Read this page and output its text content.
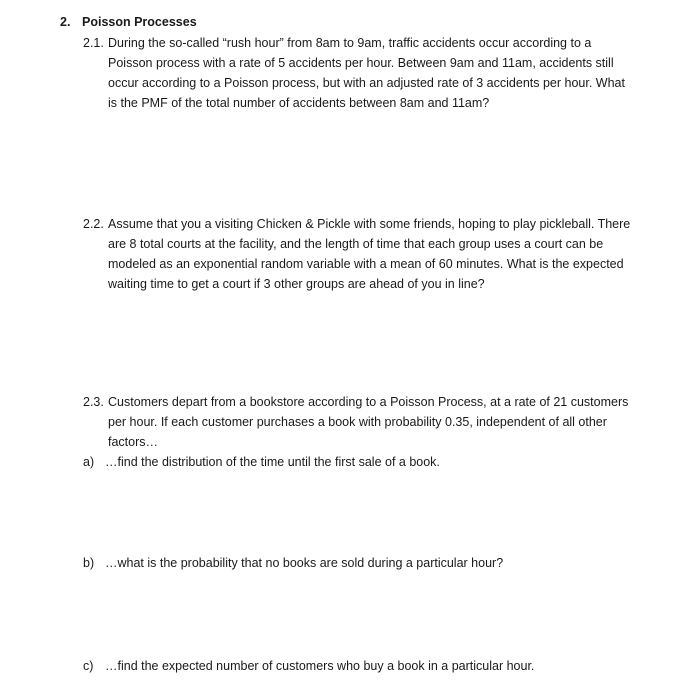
2. Poisson Processes
2.1. During the so-called “rush hour” from 8am to 9am, traffic accidents occur according to a
Poisson process with a rate of 5 accidents per hour. Between 9am and 11am, accidents still
occur according to a Poisson process, but with an adjusted rate of 3 accidents per hour. What
is the PMF of the total number of accidents between 8am and 11am?
2.2. Assume that you a visiting Chicken & Pickle with some friends, hoping to play pickleball. There
are 8 total courts at the facility, and the length of time that each group uses a court can be
modeled as an exponential random variable with a mean of 60 minutes. What is the expected
waiting time to get a court if 3 other groups are ahead of you in line?
2.3. Customers depart from a bookstore according to a Poisson Process, at a rate of 21 customers
per hour. If each customer purchases a book with probability 0.35, independent of all other
factors…
a) …find the distribution of the time until the first sale of a book.
b) …what is the probability that no books are sold during a particular hour?
c) …find the expected number of customers who buy a book in a particular hour.
